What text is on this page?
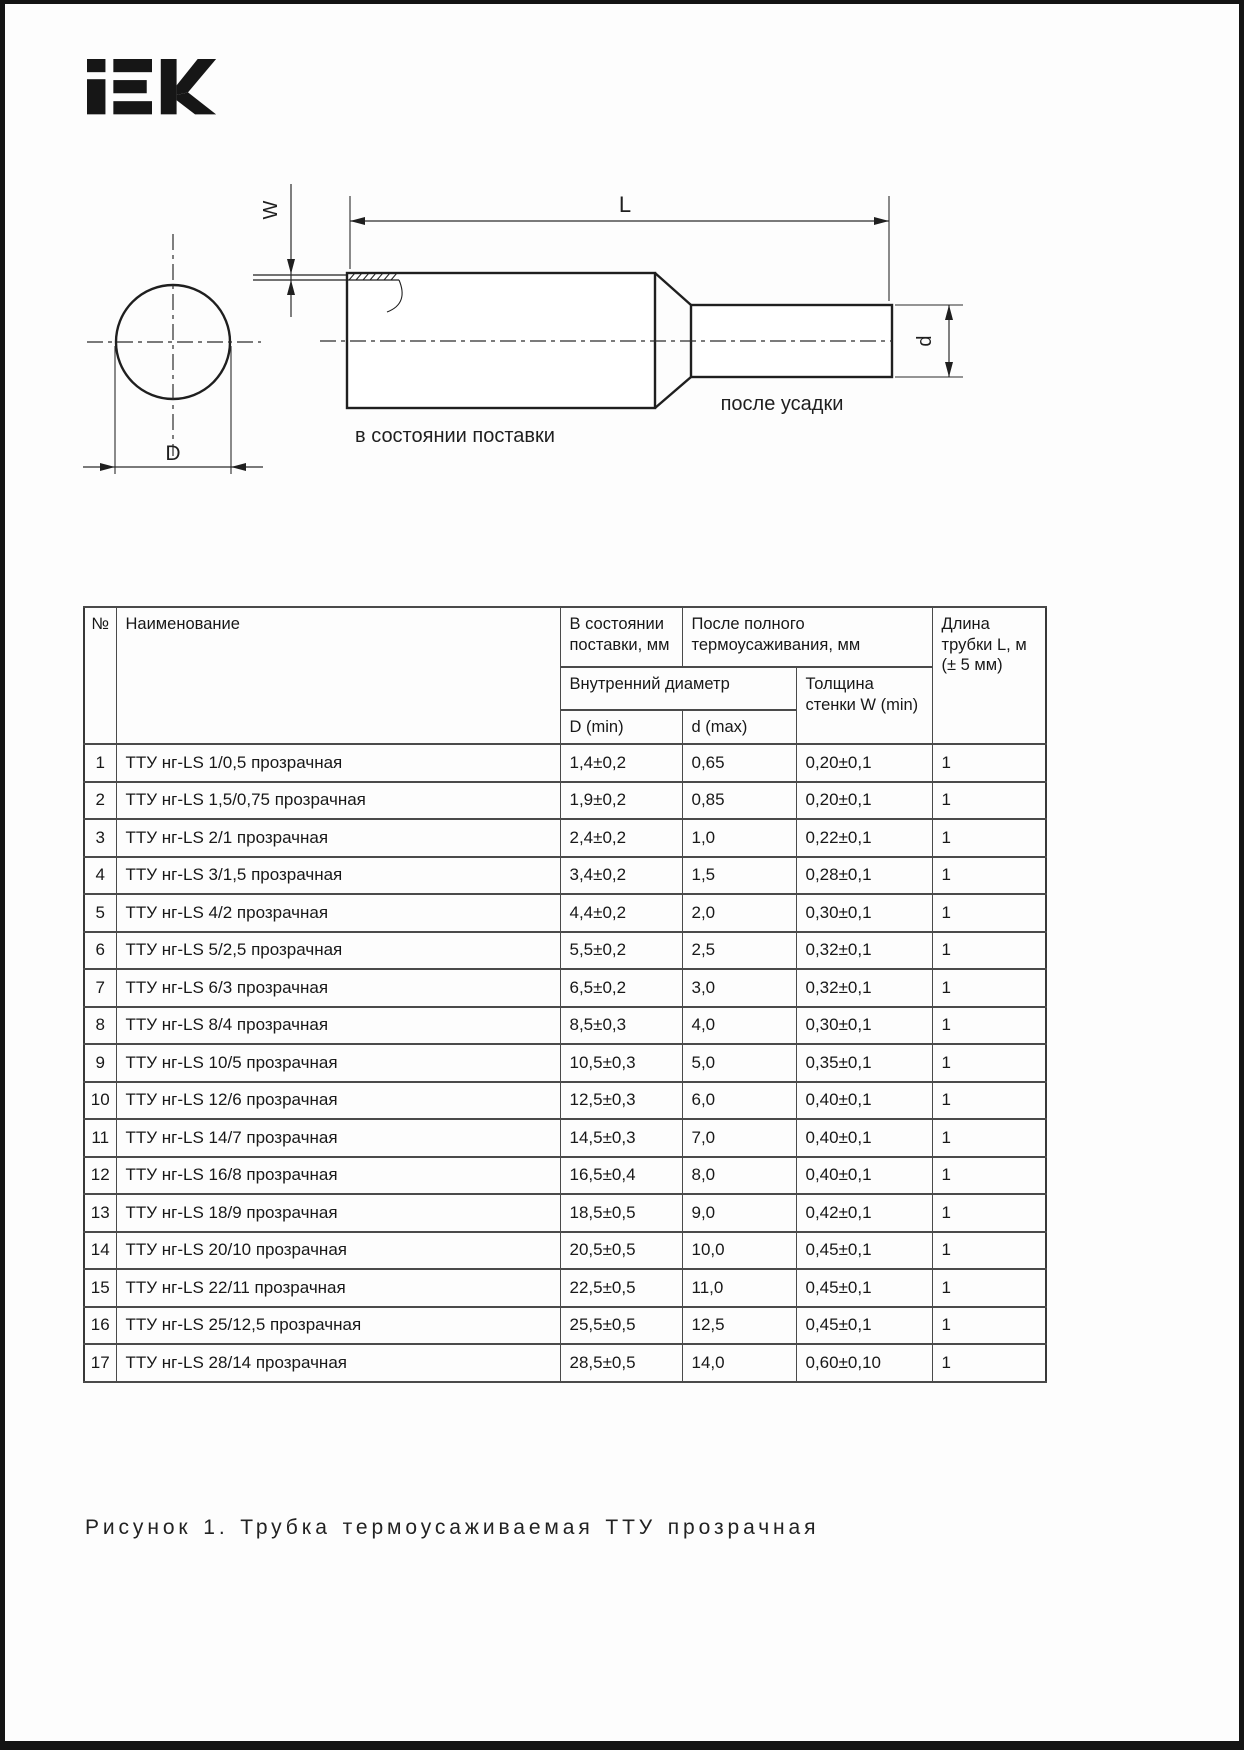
D
W	L
d
в состоянии поставки
после усадки
№	Наименование	В состоянии поставки, мм	После полного термоусаживания, мм		Длина трубки L, м (± 5 мм)
		Внутренний диаметр		Толщина стенки W (min)	
		D (min)	d (max)		
1	ТТУ нг-LS 1/0,5 прозрачная	1,4±0,2	0,65	0,20±0,1	1
2	ТТУ нг-LS 1,5/0,75 прозрачная	1,9±0,2	0,85	0,20±0,1	1
3	ТТУ нг-LS 2/1 прозрачная	2,4±0,2	1,0	0,22±0,1	1
4	ТТУ нг-LS 3/1,5 прозрачная	3,4±0,2	1,5	0,28±0,1	1
5	ТТУ нг-LS 4/2 прозрачная	4,4±0,2	2,0	0,30±0,1	1
6	ТТУ нг-LS 5/2,5 прозрачная	5,5±0,2	2,5	0,32±0,1	1
7	ТТУ нг-LS 6/3 прозрачная	6,5±0,2	3,0	0,32±0,1	1
8	ТТУ нг-LS 8/4 прозрачная	8,5±0,3	4,0	0,30±0,1	1
9	ТТУ нг-LS 10/5 прозрачная	10,5±0,3	5,0	0,35±0,1	1
10	ТТУ нг-LS 12/6 прозрачная	12,5±0,3	6,0	0,40±0,1	1
11	ТТУ нг-LS 14/7 прозрачная	14,5±0,3	7,0	0,40±0,1	1
12	ТТУ нг-LS 16/8 прозрачная	16,5±0,4	8,0	0,40±0,1	1
13	ТТУ нг-LS 18/9 прозрачная	18,5±0,5	9,0	0,42±0,1	1
14	ТТУ нг-LS 20/10 прозрачная	20,5±0,5	10,0	0,45±0,1	1
15	ТТУ нг-LS 22/11 прозрачная	22,5±0,5	11,0	0,45±0,1	1
16	ТТУ нг-LS 25/12,5 прозрачная	25,5±0,5	12,5	0,45±0,1	1
17	ТТУ нг-LS 28/14 прозрачная	28,5±0,5	14,0	0,60±0,10	1
Рисунок 1. Трубка термоусаживаемая ТТУ прозрачная
